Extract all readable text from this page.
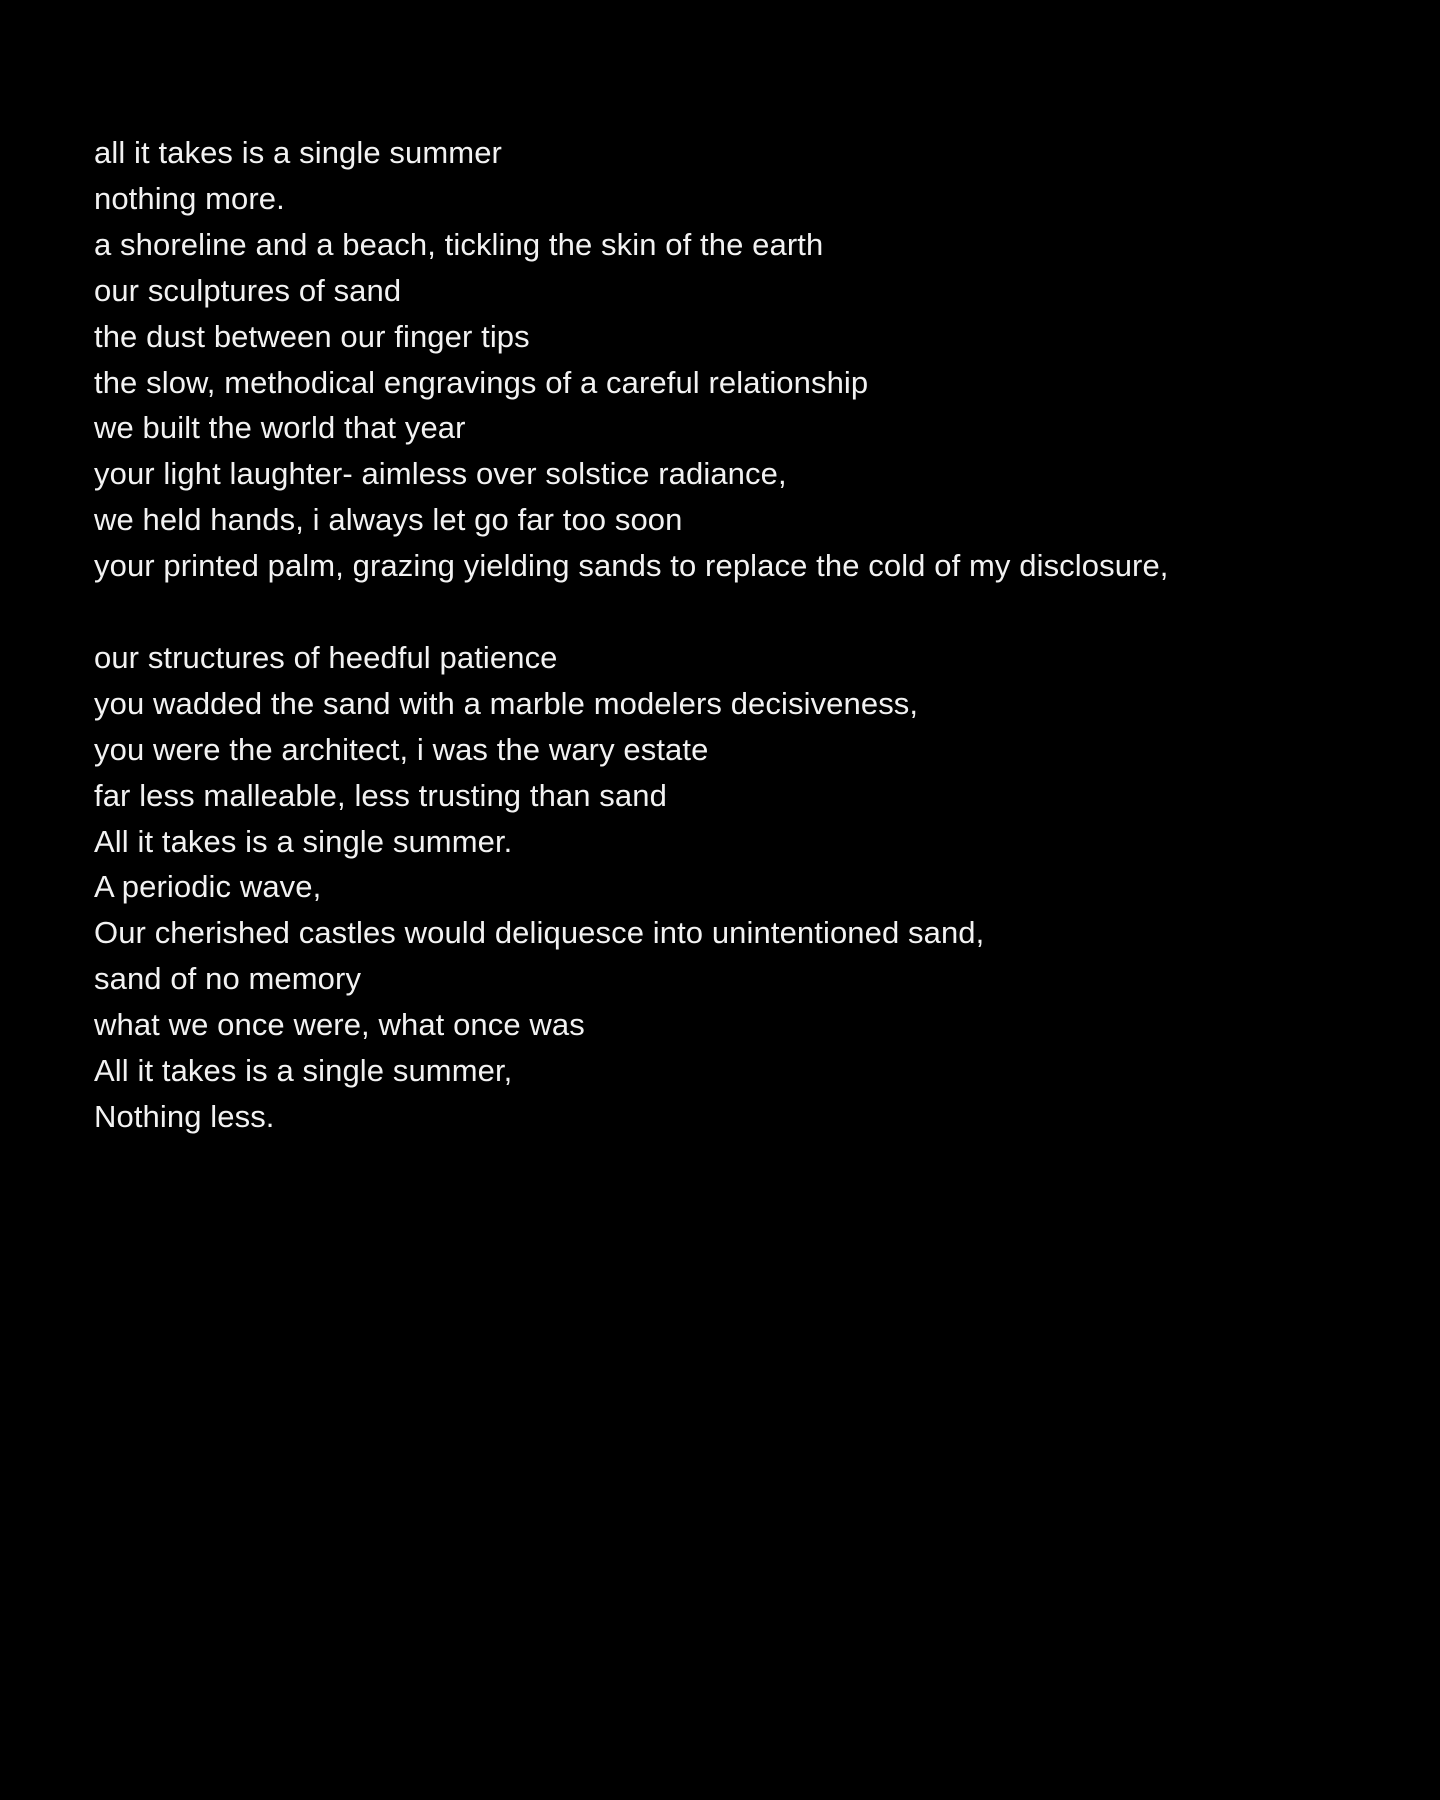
all it takes is a single summer
nothing more.
a shoreline and a beach, tickling the skin of the earth
our sculptures of sand
the dust between our finger tips
the slow, methodical engravings of a careful relationship
we built the world that year
your light laughter- aimless over solstice radiance,
we held hands, i always let go far too soon
your printed palm, grazing yielding sands to replace the cold of my disclosure,
our structures of heedful patience
you wadded the sand with a marble modelers decisiveness,
you were the architect, i was the wary estate
far less malleable, less trusting than sand
All it takes is a single summer.
A periodic wave,
Our cherished castles would deliquesce into unintentioned sand,
sand of no memory
what we once were, what once was
All it takes is a single summer,
Nothing less.
